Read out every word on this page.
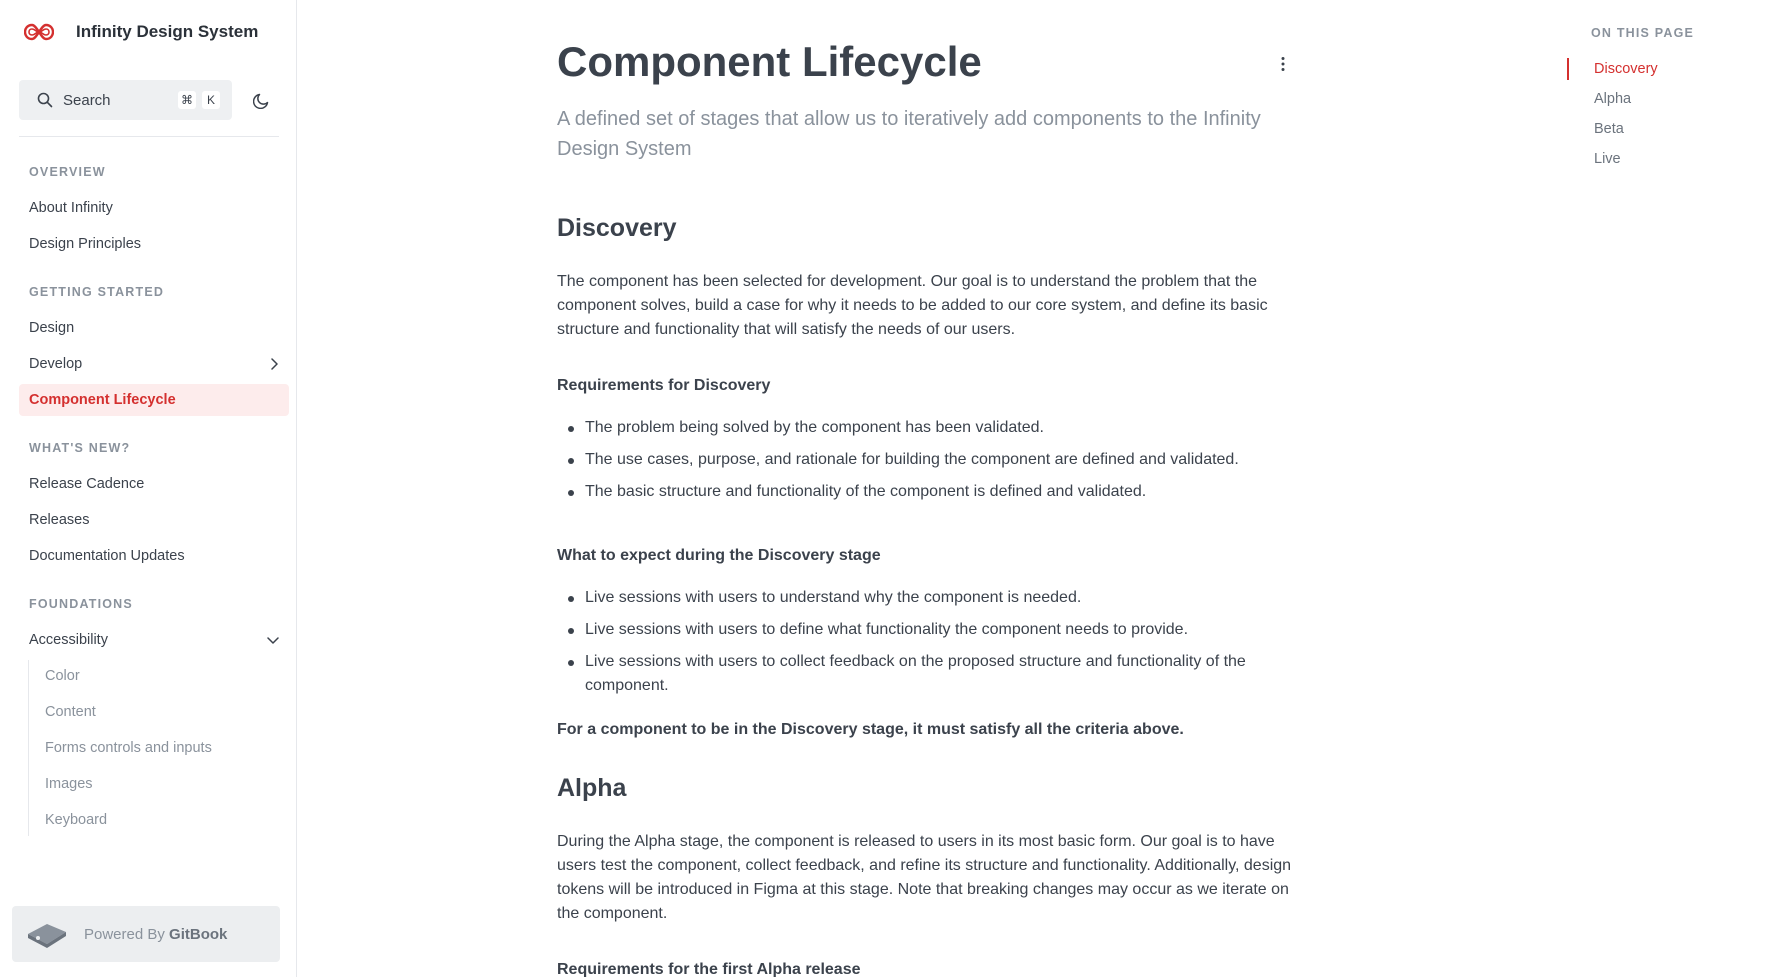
Infinity Design System
Search	⌘	K
OVERVIEW
About Infinity
Design Principles
GETTING STARTED
Design
Develop
Component Lifecycle
WHAT'S NEW?
Release Cadence
Releases
Documentation Updates
FOUNDATIONS
Accessibility
Color
Content
Forms controls and inputs
Images
Keyboard
Powered By GitBook
Component Lifecycle

A defined set of stages that allow us to iteratively add components to the Infinity Design System

Discovery

The component has been selected for development. Our goal is to understand the problem that the component solves, build a case for why it needs to be added to our core system, and define its basic structure and functionality that will satisfy the needs of our users.

Requirements for Discovery
The problem being solved by the component has been validated.
The use cases, purpose, and rationale for building the component are defined and validated.
The basic structure and functionality of the component is defined and validated.
What to expect during the Discovery stage
Live sessions with users to understand why the component is needed.
Live sessions with users to define what functionality the component needs to provide.
Live sessions with users to collect feedback on the proposed structure and functionality of the component.

For a component to be in the Discovery stage, it must satisfy all the criteria above.

Alpha

During the Alpha stage, the component is released to users in its most basic form. Our goal is to have users test the component, collect feedback, and refine its structure and functionality. Additionally, design tokens will be introduced in Figma at this stage. Note that breaking changes may occur as we iterate on the component.

Requirements for the first Alpha release
ON THIS PAGE
Discovery
Alpha
Beta
Live
